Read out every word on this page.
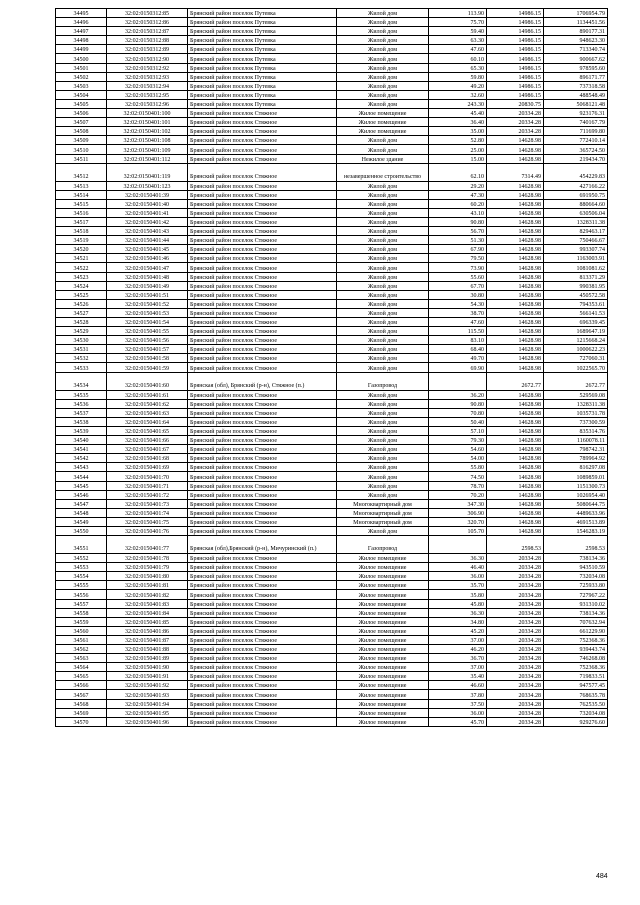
34495	32:02:0150312:85	Брянский район поселок Путевка	Жилой дом	113.90	14986.15	1706954.79
34496	32:02:0150312:86	Брянский район поселок Путевка	Жилой дом	75.70	14986.15	1134451.56
34497	32:02:0150312:87	Брянский район поселок Путевка	Жилой дом	59.40	14986.15	890177.31
34498	32:02:0150312:88	Брянский район поселок Путевка	Жилой дом	63.30	14986.15	948623.30
34499	32:02:0150312:89	Брянский район поселок Путевка	Жилой дом	47.60	14986.15	713340.74
34500	32:02:0150312:90	Брянский район поселок Путевка	Жилой дом	60.10	14986.15	900667.62
34501	32:02:0150312:92	Брянский район поселок Путевка	Жилой дом	65.30	14986.15	978595.60
34502	32:02:0150312:93	Брянский район поселок Путевка	Жилой дом	59.80	14986.15	896171.77
34503	32:02:0150312:94	Брянский район поселок Путевка	Жилой дом	49.20	14986.15	737318.58
34504	32:02:0150312:95	Брянский район поселок Путевка	Жилой дом	32.60	14986.15	488548.49
34505	32:02:0150312:96	Брянский район поселок Путевка	Жилой дом	243.30	20830.75	5068121.48
34506	32:02:0150401:100	Брянский район поселок Стяжное	Жилое помещение	45.40	20334.28	923176.31
34507	32:02:0150401:101	Брянский район поселок Стяжное	Жилое помещение	36.40	20334.28	740167.79
34508	32:02:0150401:102	Брянский район поселок Стяжное	Жилое помещение	35.00	20334.28	711699.80
34509	32:02:0150401:108	Брянский район поселок Стяжное	Жилой дом	52.80	14628.98	772410.14
34510	32:02:0150401:109	Брянский район поселок Стяжное	Жилой дом	25.00	14628.98	365724.50
34511	32:02:0150401:112	Брянский район поселок Стяжное	Нежилое здание	15.00	14628.98	219434.70
34512	32:02:0150401:119	Брянский район поселок Стяжное	незавершенное строительство	62.10	7314.49	454229.83
34513	32:02:0150401:123	Брянский район поселок Стяжное	Жилой дом	29.20	14628.98	427166.22
34514	32:02:0150401:39	Брянский район поселок Стяжное	Жилой дом	47.30	14628.98	691950.75
34515	32:02:0150401:40	Брянский район поселок Стяжное	Жилой дом	60.20	14628.98	880664.60
34516	32:02:0150401:41	Брянский район поселок Стяжное	Жилой дом	43.10	14628.98	630506.04
34517	32:02:0150401:42	Брянский район поселок Стяжное	Жилой дом	90.80	14628.98	1328311.38
34518	32:02:0150401:43	Брянский район поселок Стяжное	Жилой дом	56.70	14628.98	829463.17
34519	32:02:0150401:44	Брянский район поселок Стяжное	Жилой дом	51.30	14628.98	750466.67
34520	32:02:0150401:45	Брянский район поселок Стяжное	Жилой дом	67.90	14628.98	993307.74
34521	32:02:0150401:46	Брянский район поселок Стяжное	Жилой дом	79.50	14628.98	1163003.91
34522	32:02:0150401:47	Брянский район поселок Стяжное	Жилой дом	73.90	14628.98	1081081.62
34523	32:02:0150401:48	Брянский район поселок Стяжное	Жилой дом	55.60	14628.98	813371.29
34524	32:02:0150401:49	Брянский район поселок Стяжное	Жилой дом	67.70	14628.98	990381.95
34525	32:02:0150401:51	Брянский район поселок Стяжное	Жилой дом	30.80	14628.98	450572.58
34526	32:02:0150401:52	Брянский район поселок Стяжное	Жилой дом	54.30	14628.98	794353.61
34527	32:02:0150401:53	Брянский район поселок Стяжное	Жилой дом	38.70	14628.98	566141.53
34528	32:02:0150401:54	Брянский район поселок Стяжное	Жилой дом	47.60	14628.98	696339.45
34529	32:02:0150401:55	Брянский район поселок Стяжное	Жилой дом	115.50	14628.98	1689647.19
34530	32:02:0150401:56	Брянский район поселок Стяжное	Жилой дом	83.10	14628.98	1215668.24
34531	32:02:0150401:57	Брянский район поселок Стяжное	Жилой дом	68.40	14628.98	1000622.23
34532	32:02:0150401:58	Брянский район поселок Стяжное	Жилой дом	49.70	14628.98	727060.31
34533	32:02:0150401:59	Брянский район поселок Стяжное	Жилой дом	69.90	14628.98	1022565.70
34534	32:02:0150401:60	Брянская (обл), Брянский (р-н), Стяжное (п.)	Газопровод		2672.77	2672.77
34535	32:02:0150401:61	Брянский район поселок Стяжное	Жилой дом	36.20	14628.98	529569.08
34536	32:02:0150401:62	Брянский район поселок Стяжное	Жилой дом	90.80	14628.98	1328311.38
34537	32:02:0150401:63	Брянский район поселок Стяжное	Жилой дом	70.80	14628.98	1035731.78
34538	32:02:0150401:64	Брянский район поселок Стяжное	Жилой дом	50.40	14628.98	737300.59
34539	32:02:0150401:65	Брянский район поселок Стяжное	Жилой дом	57.10	14628.98	835314.76
34540	32:02:0150401:66	Брянский район поселок Стяжное	Жилой дом	79.30	14628.98	1160078.11
34541	32:02:0150401:67	Брянский район поселок Стяжное	Жилой дом	54.60	14628.98	798742.31
34542	32:02:0150401:68	Брянский район поселок Стяжное	Жилой дом	54.00	14628.98	789964.92
34543	32:02:0150401:69	Брянский район поселок Стяжное	Жилой дом	55.80	14628.98	816297.08
34544	32:02:0150401:70	Брянский район поселок Стяжное	Жилой дом	74.50	14628.98	1089859.01
34545	32:02:0150401:71	Брянский район поселок Стяжное	Жилой дом	78.70	14628.98	1151300.73
34546	32:02:0150401:72	Брянский район поселок Стяжное	Жилой дом	70.20	14628.98	1026954.40
34547	32:02:0150401:73	Брянский район поселок Стяжное	Многоквартирный дом	347.30	14628.98	5080644.75
34548	32:02:0150401:74	Брянский район поселок Стяжное	Многоквартирный дом	306.90	14628.98	4489633.96
34549	32:02:0150401:75	Брянский район поселок Стяжное	Многоквартирный дом	320.70	14628.98	4691513.89
34550	32:02:0150401:76	Брянский район поселок Стяжное	Жилой дом	105.70	14628.98	1546283.19
34551	32:02:0150401:77	Брянская (обл),Брянский (р-н), Мичуринский (п.)	Газопровод		2598.53	2598.53
34552	32:02:0150401:78	Брянский район поселок Стяжное	Жилое помещение	36.30	20334.28	738134.36
34553	32:02:0150401:79	Брянский район поселок Стяжное	Жилое помещение	46.40	20334.28	943510.59
34554	32:02:0150401:80	Брянский район поселок Стяжное	Жилое помещение	36.00	20334.28	732034.08
34555	32:02:0150401:81	Брянский район поселок Стяжное	Жилое помещение	35.70	20334.28	725933.80
34556	32:02:0150401:82	Брянский район поселок Стяжное	Жилое помещение	35.80	20334.28	727967.22
34557	32:02:0150401:83	Брянский район поселок Стяжное	Жилое помещение	45.80	20334.28	931310.02
34558	32:02:0150401:84	Брянский район поселок Стяжное	Жилое помещение	36.30	20334.28	738134.36
34559	32:02:0150401:85	Брянский район поселок Стяжное	Жилое помещение	34.80	20334.28	707632.94
34560	32:02:0150401:86	Брянский район поселок Стяжное	Жилое помещение	45.20	20334.28	661229.90
34561	32:02:0150401:87	Брянский район поселок Стяжное	Жилое помещение	37.00	20334.28	752368.36
34562	32:02:0150401:88	Брянский район поселок Стяжное	Жилое помещение	46.20	20334.28	939443.74
34563	32:02:0150401:89	Брянский район поселок Стяжное	Жилое помещение	36.70	20334.28	746268.08
34564	32:02:0150401:90	Брянский район поселок Стяжное	Жилое помещение	37.00	20334.28	752368.36
34565	32:02:0150401:91	Брянский район поселок Стяжное	Жилое помещение	35.40	20334.28	719833.51
34566	32:02:0150401:92	Брянский район поселок Стяжное	Жилое помещение	46.60	20334.28	947577.45
34567	32:02:0150401:93	Брянский район поселок Стяжное	Жилое помещение	37.80	20334.28	768635.78
34568	32:02:0150401:94	Брянский район поселок Стяжное	Жилое помещение	37.50	20334.28	762535.50
34569	32:02:0150401:95	Брянский район поселок Стяжное	Жилое помещение	36.00	20334.28	732034.08
34570	32:02:0150401:96	Брянский район поселок Стяжное	Жилое помещение	45.70	20334.28	929276.60
484
